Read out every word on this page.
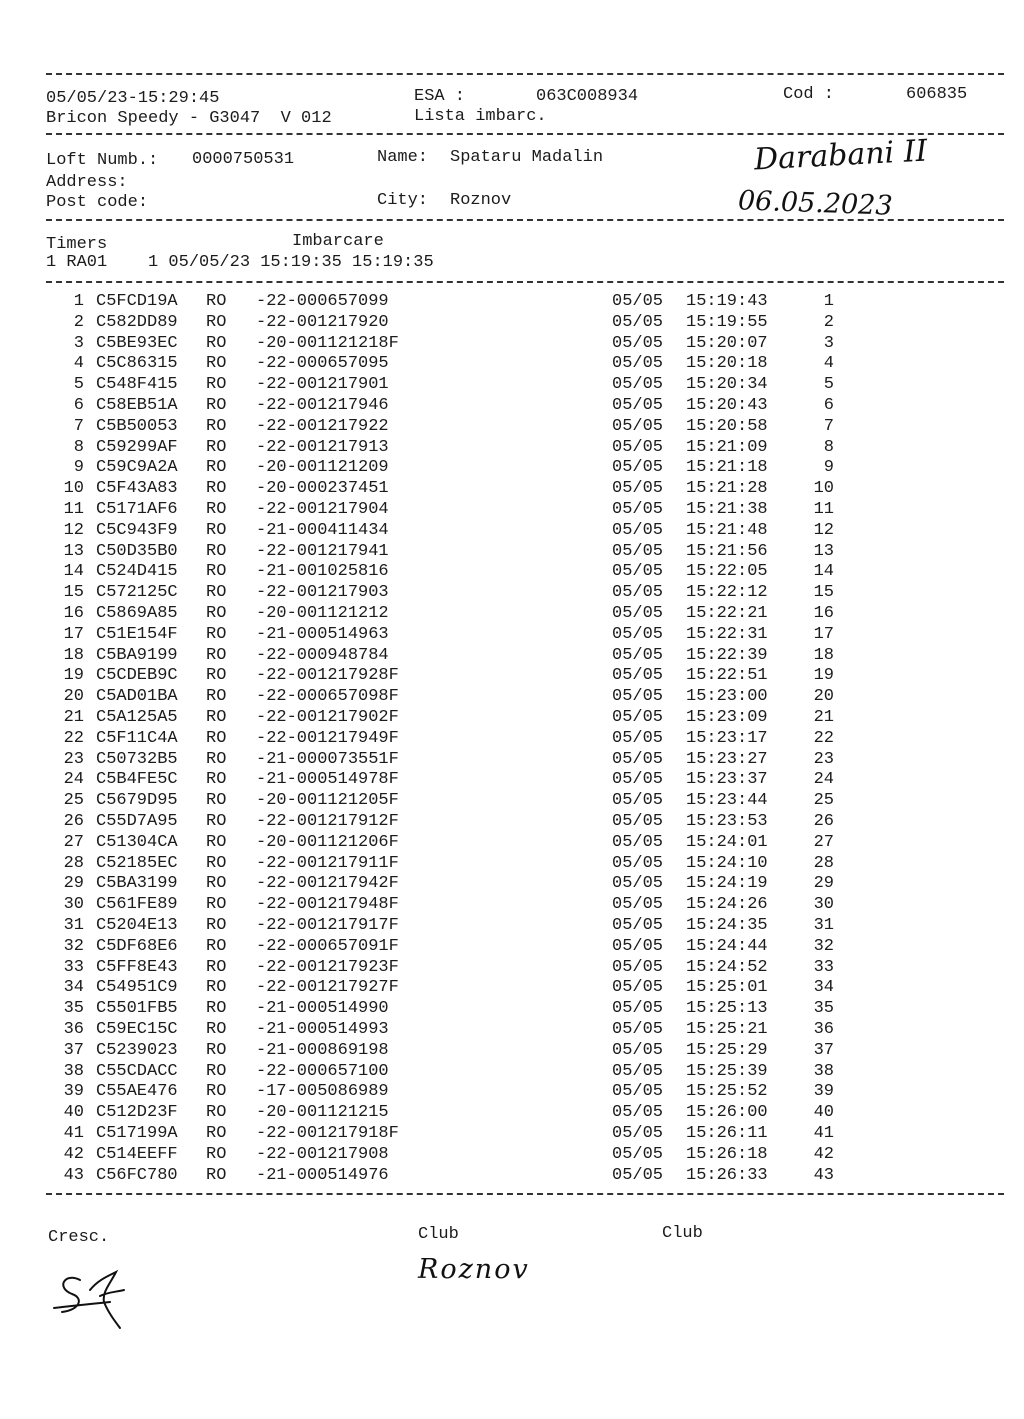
05/05/23-15:29:45	ESA :	063C008934	Cod :	606835
Bricon Speedy - G3047  V 012	Lista imbarc.
Loft Numb.: 0000750531	Name: Spataru Madalin
Address:
Post code:	City: Roznov
Darabani II
06.05.2023
Timers	Imbarcare
1 RA01    1 05/05/23 15:19:35 15:19:35
1 C5FCD19A RO -22-000657099	05/05 15:19:43	1
2 C582DD89 RO -22-001217920	05/05 15:19:55	2
3 C5BE93EC RO -20-001121218F	05/05 15:20:07	3
4 C5C86315 RO -22-000657095	05/05 15:20:18	4
5 C548F415 RO -22-001217901	05/05 15:20:34	5
6 C58EB51A RO -22-001217946	05/05 15:20:43	6
7 C5B50053 RO -22-001217922	05/05 15:20:58	7
8 C59299AF RO -22-001217913	05/05 15:21:09	8
9 C59C9A2A RO -20-001121209	05/05 15:21:18	9
10 C5F43A83 RO -20-000237451	05/05 15:21:28	10
11 C5171AF6 RO -22-001217904	05/05 15:21:38	11
12 C5C943F9 RO -21-000411434	05/05 15:21:48	12
13 C50D35B0 RO -22-001217941	05/05 15:21:56	13
14 C524D415 RO -21-001025816	05/05 15:22:05	14
15 C572125C RO -22-001217903	05/05 15:22:12	15
16 C5869A85 RO -20-001121212	05/05 15:22:21	16
17 C51E154F RO -21-000514963	05/05 15:22:31	17
18 C5BA9199 RO -22-000948784	05/05 15:22:39	18
19 C5CDEB9C RO -22-001217928F	05/05 15:22:51	19
20 C5AD01BA RO -22-000657098F	05/05 15:23:00	20
21 C5A125A5 RO -22-001217902F	05/05 15:23:09	21
22 C5F11C4A RO -22-001217949F	05/05 15:23:17	22
23 C50732B5 RO -21-000073551F	05/05 15:23:27	23
24 C5B4FE5C RO -21-000514978F	05/05 15:23:37	24
25 C5679D95 RO -20-001121205F	05/05 15:23:44	25
26 C55D7A95 RO -22-001217912F	05/05 15:23:53	26
27 C51304CA RO -20-001121206F	05/05 15:24:01	27
28 C52185EC RO -22-001217911F	05/05 15:24:10	28
29 C5BA3199 RO -22-001217942F	05/05 15:24:19	29
30 C561FE89 RO -22-001217948F	05/05 15:24:26	30
31 C5204E13 RO -22-001217917F	05/05 15:24:35	31
32 C5DF68E6 RO -22-000657091F	05/05 15:24:44	32
33 C5FF8E43 RO -22-001217923F	05/05 15:24:52	33
34 C54951C9 RO -22-001217927F	05/05 15:25:01	34
35 C5501FB5 RO -21-000514990	05/05 15:25:13	35
36 C59EC15C RO -21-000514993	05/05 15:25:21	36
37 C5239023 RO -21-000869198	05/05 15:25:29	37
38 C55CDACC RO -22-000657100	05/05 15:25:39	38
39 C55AE476 RO -17-005086989	05/05 15:25:52	39
40 C512D23F RO -20-001121215	05/05 15:26:00	40
41 C517199A RO -22-001217918F	05/05 15:26:11	41
42 C514EEFF RO -22-001217908	05/05 15:26:18	42
43 C56FC780 RO -21-000514976	05/05 15:26:33	43
Cresc.	Club	Club
Roznov
